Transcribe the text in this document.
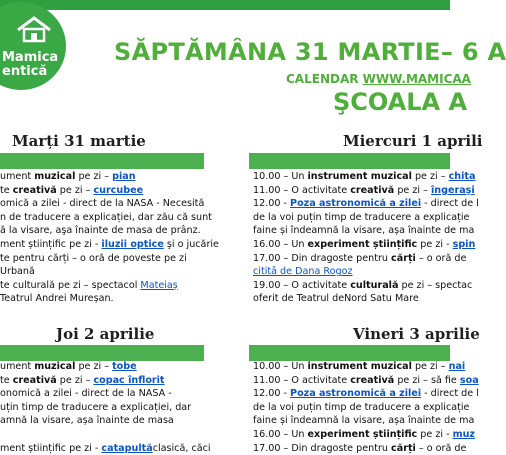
Mamica
entică
SĂPTĂMÂNA 31 MARTIE– 6 A
CALENDAR WWW.MAMICAA
ŞCOALA A
Marți 31 martie
ument muzical pe zi – pian
te creativă pe zi – curcubee
omică a zilei - direct de la NASA - Necesită
n de traducere a explicației, dar zău că sunt
ă la visare, aşa înainte de masa de prânz.
ment științific pe zi - iluzii optice şi o jucărie
te pentru cărți – o oră de poveste pe zi
Urbană
te culturală pe zi – spectacol Mateiaș
Teatrul Andrei Mureșan.
Miercuri 1 aprili
10.00 – Un instrument muzical pe zi – chita
11.00 – O activitate creativă pe zi – îngeraşi
12.00 - Poza astronomică a zilei - direct de l
de la voi puțin timp de traducere a explicație
faine și îndeamnă la visare, așa înainte de ma
16.00 – Un experiment științific pe zi - spin
17.00 – Din dragoste pentru cărți – o oră de
cititǎ de Dana Rogoz
19.00 – O activitate culturală pe zi – spectac
oferit de Teatrul deNord Satu Mare
Joi 2 aprilie
ument muzical pe zi – tobe
te creativă pe zi – copac înflorit
onomică a zilei - direct de la NASA -
uțin timp de traducere a explicației, dar
amnă la visare, așa înainte de masa
ment științific pe zi - catapultăclasică, căci
Vineri 3 aprilie
10.00 – Un instrument muzical pe zi – nai
11.00 – O activitate creativă pe zi – să fie soa
12.00 - Poza astronomică a zilei - direct de l
de la voi puțin timp de traducere a explicație
faine și îndeamnă la visare, așa înainte de ma
16.00 – Un experiment științific pe zi - muz
17.00 – Din dragoste pentru cărți – o oră de
